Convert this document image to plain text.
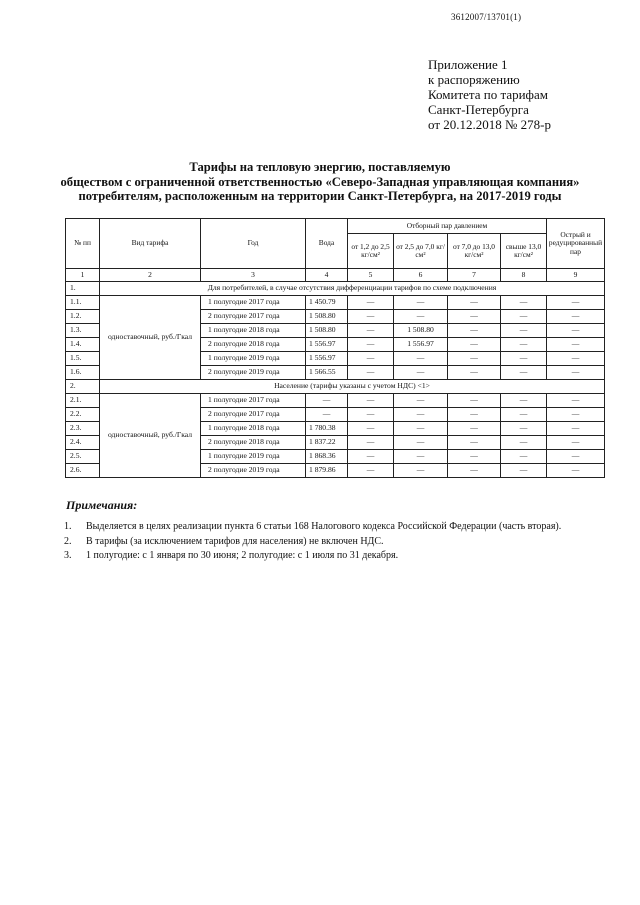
3612007/13701(1)
Приложение 1
к распоряжению
Комитета по тарифам
Санкт-Петербурга
от 20.12.2018 № 278-р
Тарифы на тепловую энергию, поставляемую
обществом с ограниченной ответственностью «Северо-Западная управляющая компания»
потребителям, расположенным на территории Санкт-Петербурга, на 2017-2019 годы
№ пп	Вид тарифа	Год	Вода	Отборный пар давлением				Острый и редуцированный пар
				от 1,2 до 2,5 кг/см²	от 2,5 до 7,0 кг/см²	от 7,0 до 13,0 кг/см²	свыше 13,0 кг/см²	
1	2	3	4	5	6	7	8	9
1.	Для потребителей, в случае отсутствия дифференциации тарифов по схеме подключения							
1.1.	одноставочный, руб./Гкал	1 полугодие 2017 года	1 450.79	—	—	—	—	—
1.2.		2 полугодие 2017 года	1 508.80	—	—	—	—	—
1.3.		1 полугодие 2018 года	1 508.80	—	1 508.80	—	—	—
1.4.		2 полугодие 2018 года	1 556.97	—	1 556.97	—	—	—
1.5.		1 полугодие 2019 года	1 556.97	—	—	—	—	—
1.6.		2 полугодие 2019 года	1 566.55	—	—	—	—	—
2.	Население (тарифы указаны с учетом НДС) <1>							
2.1.	одноставочный, руб./Гкал	1 полугодие 2017 года	—	—	—	—	—	—
2.2.		2 полугодие 2017 года	—	—	—	—	—	—
2.3.		1 полугодие 2018 года	1 780.38	—	—	—	—	—
2.4.		2 полугодие 2018 года	1 837.22	—	—	—	—	—
2.5.		1 полугодие 2019 года	1 868.36	—	—	—	—	—
2.6.		2 полугодие 2019 года	1 879.86	—	—	—	—	—
Примечания:
1.	Выделяется в целях реализации пункта 6 статьи 168 Налогового кодекса Российской Федерации (часть вторая).
2.	В тарифы (за исключением тарифов для населения) не включен НДС.
3.	1 полугодие: с 1 января по 30 июня; 2 полугодие: с 1 июля по 31 декабря.
